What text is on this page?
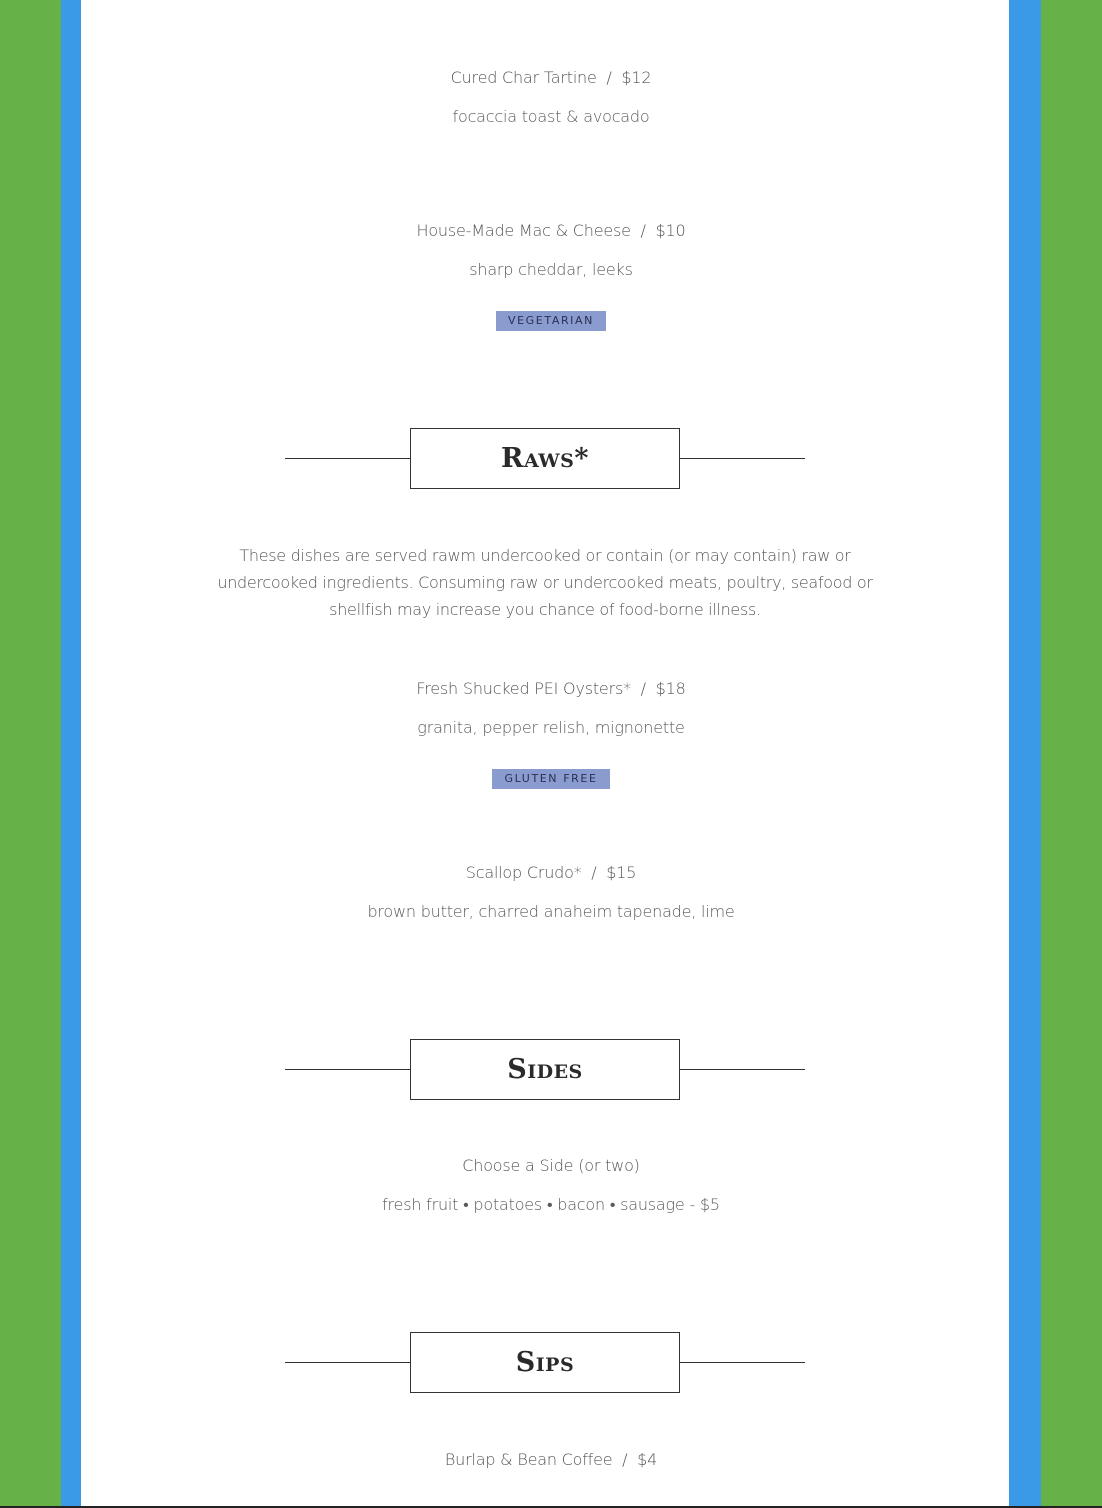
Cured Char Tartine  /  $12
focaccia toast & avocado
House-Made Mac & Cheese  /  $10
sharp cheddar, leeks
VEGETARIAN
Raws*
These dishes are served rawm undercooked or contain (or may contain) raw or undercooked ingredients. Consuming raw or undercooked meats, poultry, seafood or shellfish may increase you chance of food-borne illness.
Fresh Shucked PEI Oysters*  /  $18
granita, pepper relish, mignonette
GLUTEN FREE
Scallop Crudo*  /  $15
brown butter, charred anaheim tapenade, lime
Sides
Choose a Side (or two)
fresh fruit • potatoes • bacon • sausage - $5
Sips
Burlap & Bean Coffee  /  $4
